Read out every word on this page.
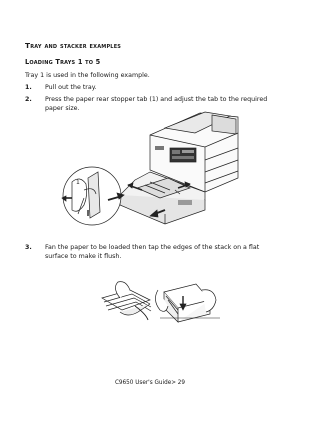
Tray and stacker examples
Loading Trays 1 to 5
Tray 1 is used in the following example.
1. Pull out the tray.
2. Press the paper rear stopper tab (1) and adjust the tab to the required paper size.
1
3. Fan the paper to be loaded then tap the edges of the stack on a flat surface to make it flush.
C9650 User's Guide> 29
